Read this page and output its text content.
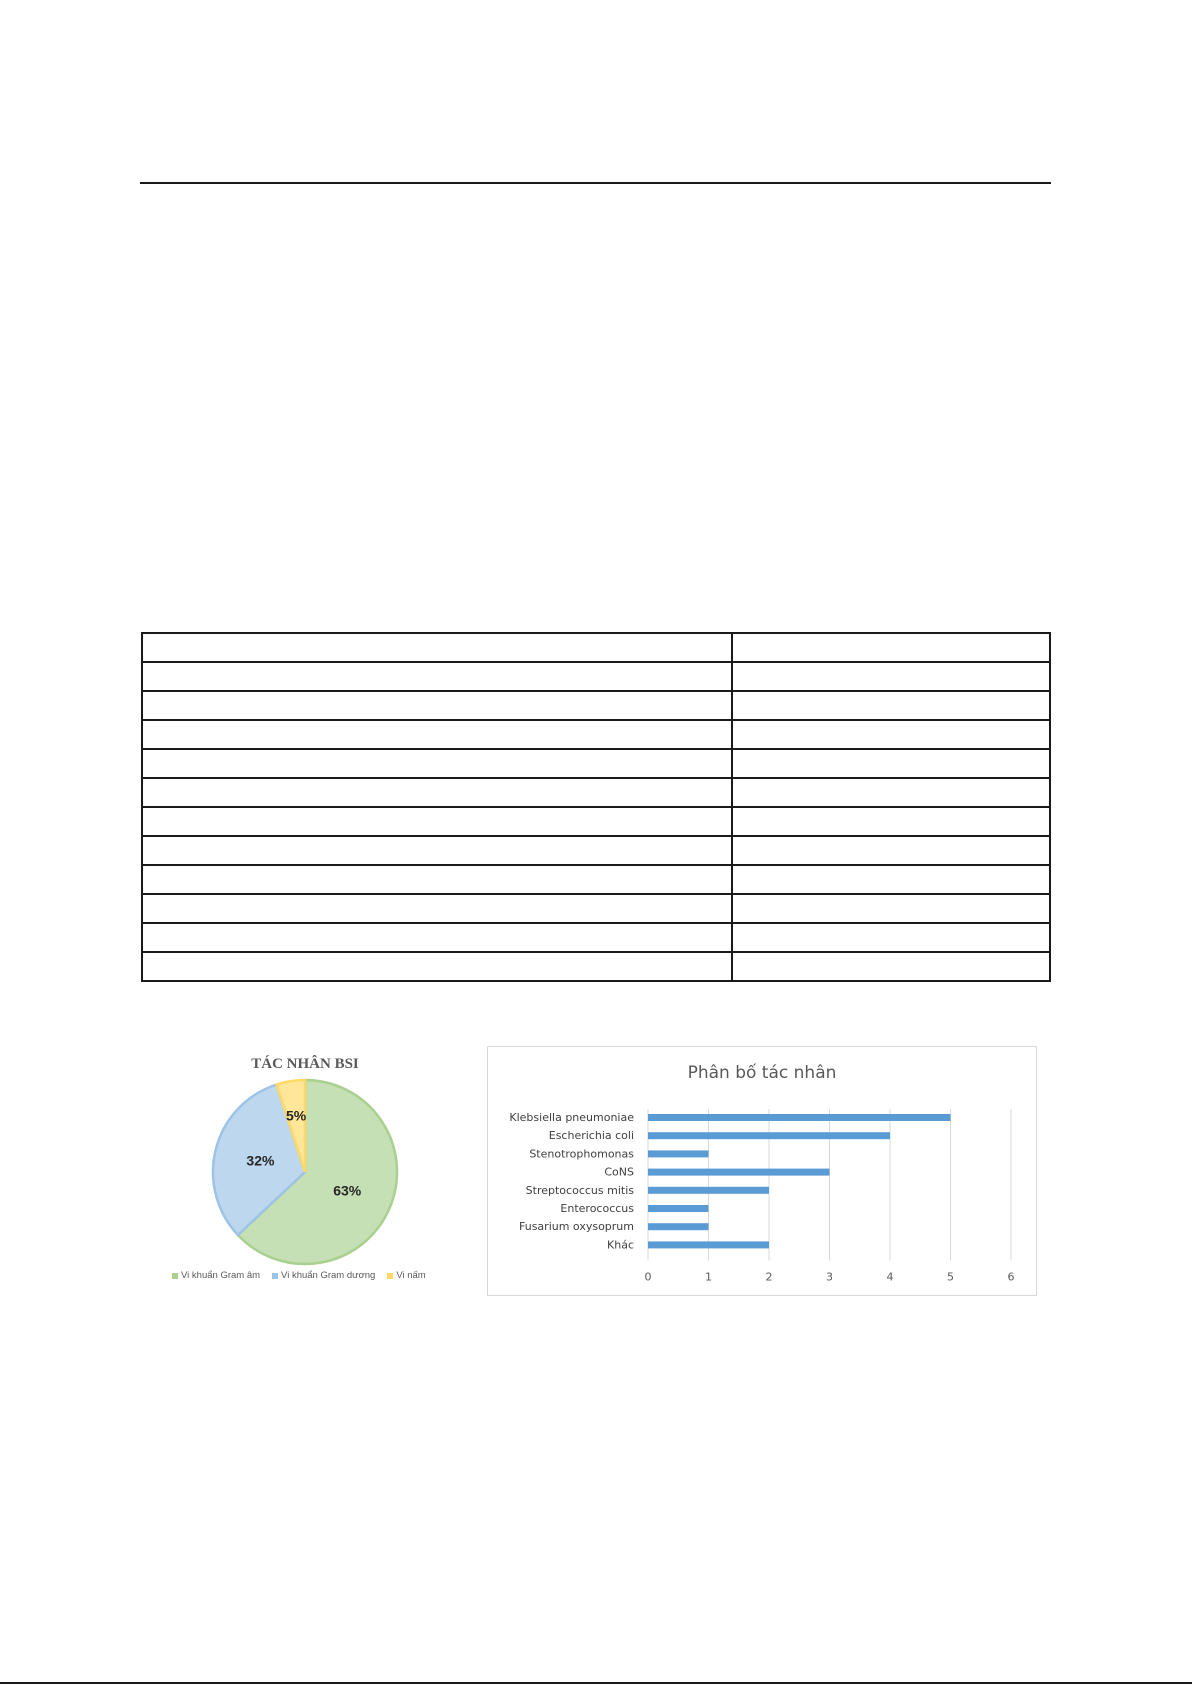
TÁC NHÂN BSI
63%
32%
5%
Vi khuẩn Gram âm Vi khuẩn Gram dương Vi nấm
Phân bố tác nhân
Klebsiella pneumoniae
Escherichia coli
Stenotrophomonas
CoNS
Streptococcus mitis
Enterococcus
Fusarium oxysoprum
Khác
0	1	2	3	4	5	6
